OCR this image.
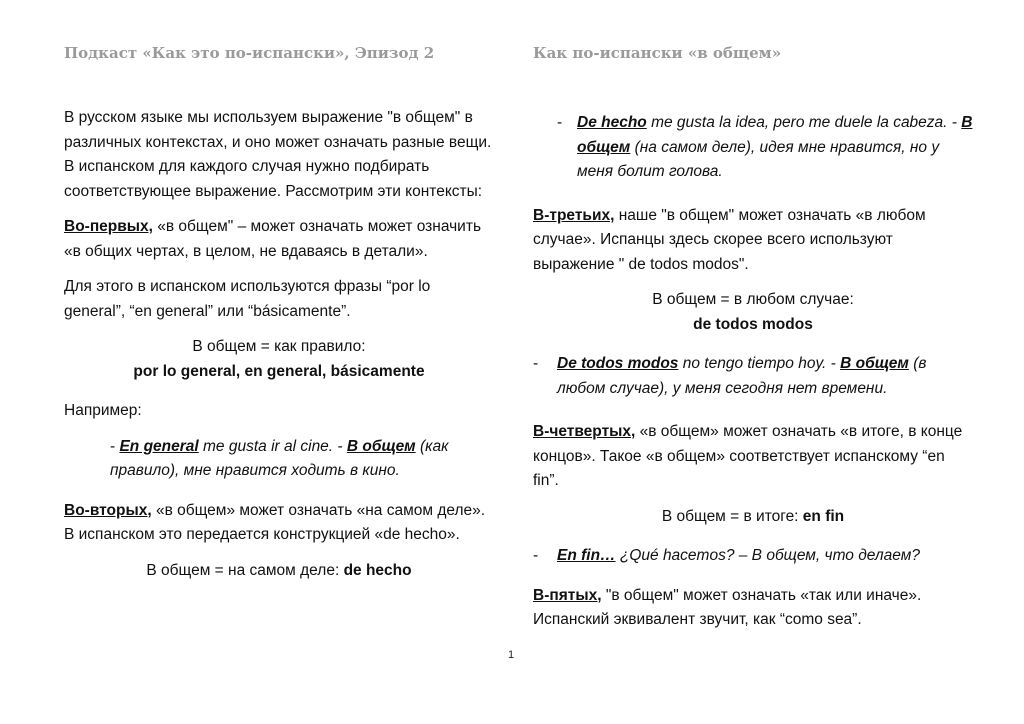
Подкаст «Как это по-испански», Эпизод 2

В русском языке мы используем выражение "в общем" в различных контекстах, и оно может означать разные вещи. В испанском для каждого случая нужно подбирать соответствующее выражение. Рассмотрим эти контексты:

Во-первых, «в общем" – может означать может означить «в общих чертах, в целом, не вдаваясь в детали».

Для этого в испанском используются фразы “por lo general”, “en general” или “básicamente”.

В общем = как правило:
por lo general, en general, básicamente

Например:

- En general me gusta ir al cine. - В общем (как правило), мне нравится ходить в кино.

Во-вторых, «в общем» может означать «на самом деле». В испанском это передается конструкцией «de hecho».

В общем = на самом деле: de hecho

Как по-испански «в общем»
- De hecho me gusta la idea, pero me duele la cabeza. - В общем (на самом деле), идея мне нравится, но у меня болит голова.

В-третьих, наше "в общем" может означать «в любом случае». Испанцы здесь скорее всего используют выражение " de todos modos".

В общем = в любом случае:
de todos modos

- De todos modos no tengo tiempo hoy. - В общем (в любом случае), у меня сегодня нет времени.

В-четвертых, «в общем» может означать «в итоге, в конце концов». Такое «в общем» соответствует испанскому “en fin”.

В общем = в итоге: en fin

- En fin… ¿Qué hacemos? – В общем, что делаем?

В-пятых, "в общем" может означать «так или иначе». Испанский эквивалент звучит, как “como sea”.

1
